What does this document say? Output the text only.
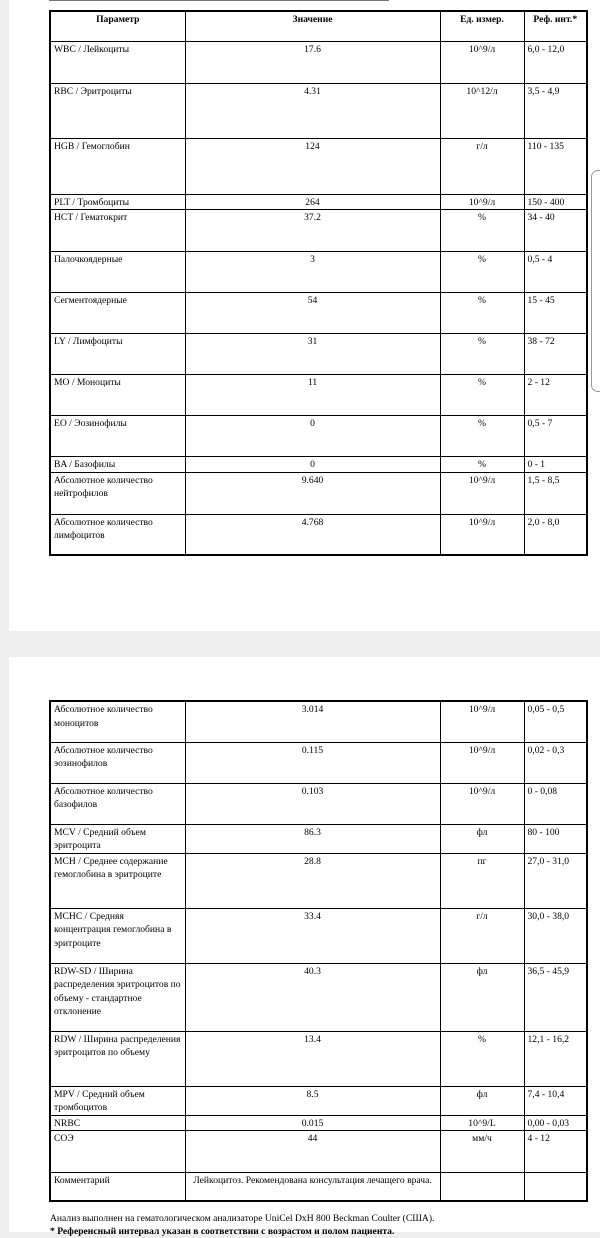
Параметр	Значение	Ед. измер.	Реф. инт.*
WBC / Лейкоциты	17.6	10^9/л	6,0 - 12,0
RBC / Эритроциты	4.31	10^12/л	3,5 - 4,9
HGB / Гемоглобин	124	г/л	110 - 135
PLT / Тромбоциты	264	10^9/л	150 - 400
HCT / Гематокрит	37.2	%	34 - 40
Палочкоядерные	3	%	0,5 - 4
Сегментоядерные	54	%	15 - 45
LY / Лимфоциты	31	%	38 - 72
MO / Моноциты	11	%	2 - 12
EO / Эозинофилы	0	%	0,5 - 7
BA / Базофилы	0	%	0 - 1
Абсолютное количество нейтрофилов	9.640	10^9/л	1,5 - 8,5
Абсолютное количество лимфоцитов	4.768	10^9/л	2,0 - 8,0
Абсолютное количество моноцитов	3.014	10^9/л	0,05 - 0,5
Абсолютное количество эозинофилов	0.115	10^9/л	0,02 - 0,3
Абсолютное количество базофилов	0.103	10^9/л	0 - 0,08
MCV / Средний объем эритроцита	86.3	фл	80 - 100
MCH / Среднее содержание гемоглобина в эритроците	28.8	пг	27,0 - 31,0
MCHC / Средняя концентрация гемоглобина в эритроците	33.4	г/л	30,0 - 38,0
RDW-SD / Ширина распределения эритроцитов по объему - стандартное отклонение	40.3	фл	36,5 - 45,9
RDW / Ширина распределения эритроцитов по объему	13.4	%	12,1 - 16,2
MPV / Средний объем тромбоцитов	8.5	фл	7,4 - 10,4
NRBC	0.015	10^9/L	0,00 - 0,03
СОЭ	44	мм/ч	4 - 12
Комментарий	Лейкоцитоз. Рекомендована консультация лечащего врача.		
Анализ выполнен на гематологическом анализаторе UniCel DxH 800 Beckman Coulter (США).
* Референсный интервал указан в соответствии с возрастом и полом пациента.
